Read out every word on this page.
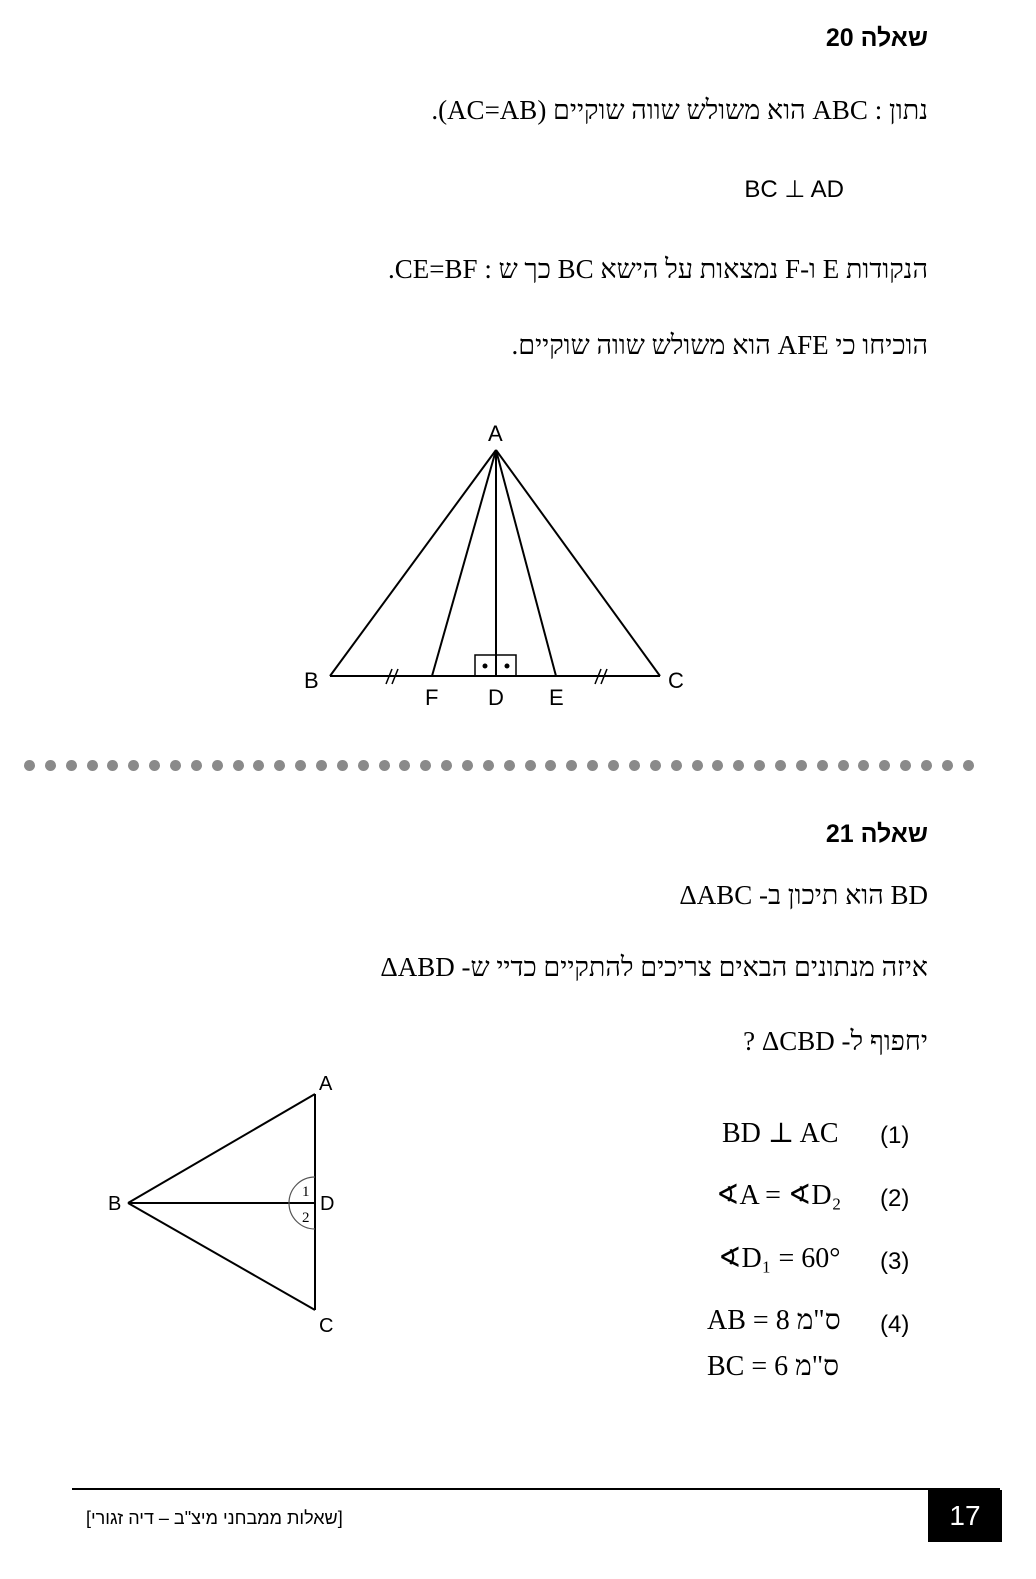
שאלה 20
נתון : ABC הוא משולש שווה שוקיים (AC=AB).
BC ⊥ AD
הנקודות E ו-F נמצאות על הישא BC כך ש : CE=BF.
הוכיחו כי AFE הוא משולש שווה שוקיים.
A
B	C
F D E
שאלה 21
BD הוא תיכון ב- ΔABC
איזה מנתונים הבאים צריכים להתקיים כדיי ש- ΔABD
יחפוף ל- ΔCBD ?
A
B
C
D
1
2
(1)
BD ⊥ AC
(2)
∢A = ∢D₂
(3)
∢D₁ = 60°
(4)
AB = 8 ס"מ
BC = 6 ס"מ
[שאלות ממבחני מיצ"ב – דיה זגורי]	17
